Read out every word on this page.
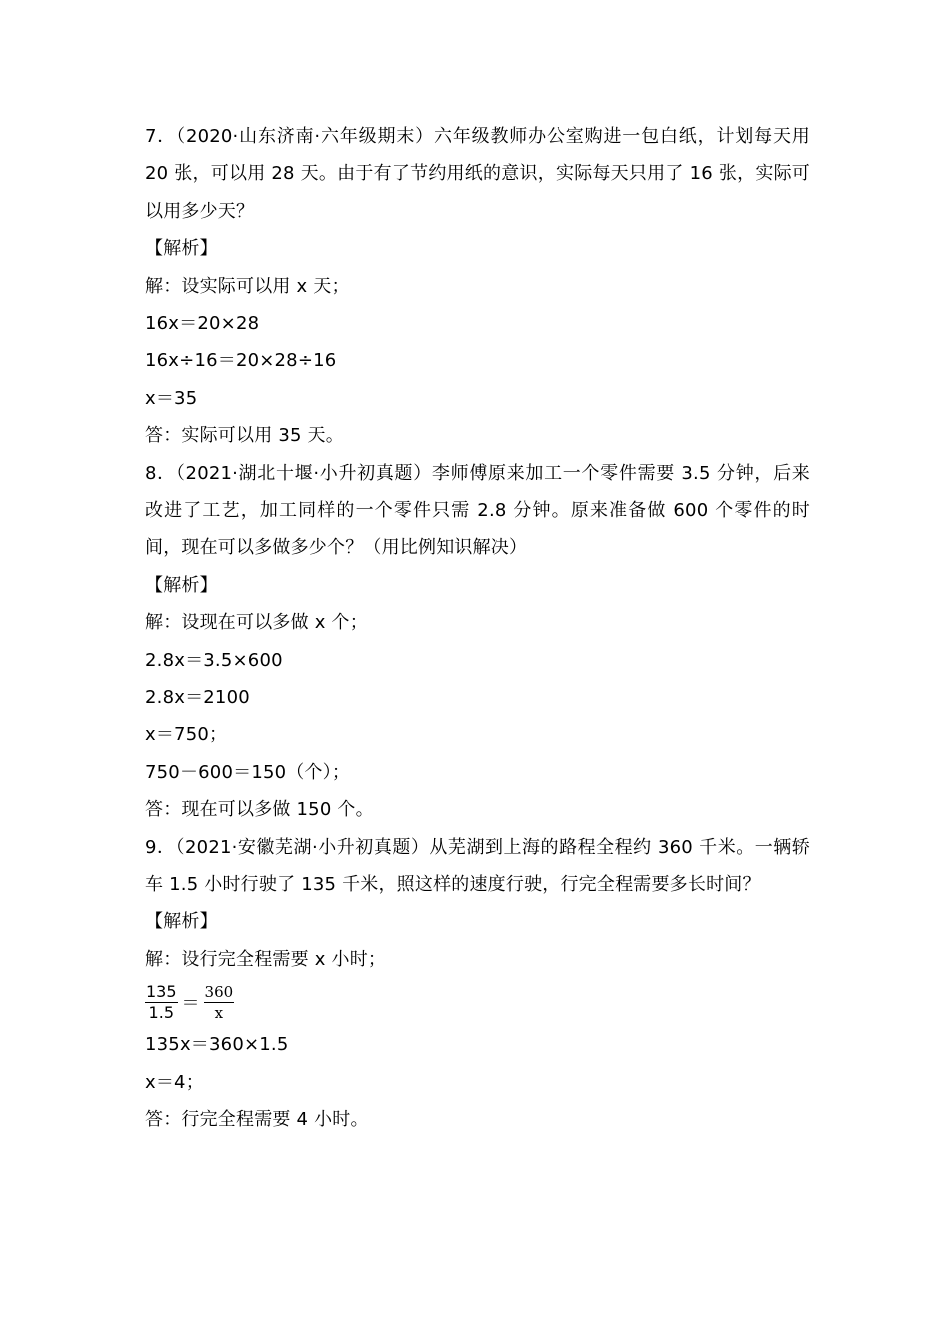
7．（2020·山东济南·六年级期末）六年级教师办公室购进一包白纸，计划每天用 20 张，可以用 28 天。由于有了节约用纸的意识，实际每天只用了 16 张，实际可以用多少天？
【解析】
解：设实际可以用 x 天；
16x＝20×28
16x÷16＝20×28÷16
x＝35
答：实际可以用 35 天。
8．（2021·湖北十堰·小升初真题）李师傅原来加工一个零件需要 3.5 分钟，后来改进了工艺，加工同样的一个零件只需 2.8 分钟。原来准备做 600 个零件的时间，现在可以多做多少个？（用比例知识解决）
【解析】
解：设现在可以多做 x 个；
2.8x＝3.5×600
2.8x＝2100
x＝750；
750－600＝150（个）；
答：现在可以多做 150 个。
9．（2021·安徽芜湖·小升初真题）从芜湖到上海的路程全程约 360 千米。一辆轿车 1.5 小时行驶了 135 千米，照这样的速度行驶，行完全程需要多长时间？
【解析】
解：设行完全程需要 x 小时；
$\frac{135}{1.5} = \frac{360}{x}$
135x＝360×1.5
x＝4；
答：行完全程需要 4 小时。
